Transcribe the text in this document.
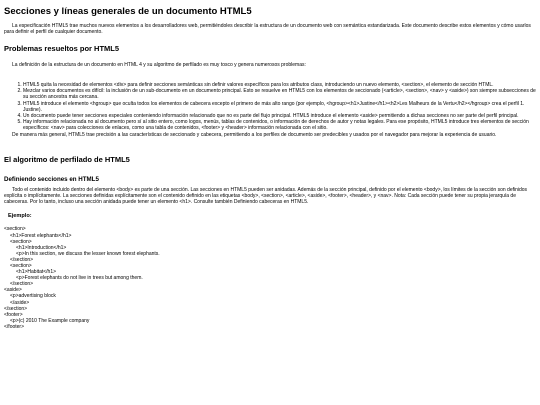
Secciones y líneas generales de un documento HTML5

La especificación HTML5 trae muchos nuevos elementos a los desarrolladores web, permitiéndoles describir la estructura de un documento web con semántica estandarizada. Este documento describe estos elementos y cómo usarlos para definir el perfil de cualquier documento.

Problemas resueltos por HTML5

La definición de la estructura de un documento en HTML 4 y su algoritmo de perfilado es muy tosco y genera numerosos problemas:

1. HTML5 quita la necesidad de elementos <div> para definir secciones semánticas sin definir valores específicos para los atributos class, introduciendo un nuevo elemento, <section>, el elemento de sección HTML.
2. Mezclar varios documentos es difícil: la inclusión de un sub-documento en un documento principal. Esto se resuelve en HTML5 con los elementos de seccionado (<article>, <section>, <nav> y <aside>) son siempre subsecciones de su sección ancestra más cercana.
3. HTML5 introduce el elemento <hgroup> que oculta todos los elementos de cabecera excepto el primero de más alto rango (por ejemplo, <hgroup><h1>Justine</h1><h2>Les Malheurs de la Vertu</h2></hgroup> crea el perfil 1. Justine).
4. Un documento puede tener secciones especiales conteniendo información relacionado que no es parte del flujo principal. HTML5 introduce el elemento <aside> permitiendo a dichas secciones no ser parte del perfil principal.
5. Hay información relacionada no al documento pero sí al sitio entero, como logos, menús, tablas de contenidos, o información de derechos de autor y notas legales. Para ese propósito, HTML5 introduce tres elementos de sección específicos: <nav> para colecciones de enlaces, como una tabla de contenidos, <footer> y <header> información relacionada con el sitio.

De manera más general, HTML5 trae precisión a las características de seccionado y cabecera, permitiendo a los perfiles de documento ser predecibles y usados por el navegador para mejorar la experiencia de usuario.

El algoritmo de perfilado de HTML5
Definiendo secciones en HTML5

Todo el contenido incluido dentro del elemento <body> es parte de una sección. Las secciones en HTML5 pueden ser anidadas. Además de la sección principal, definido por el elemento <body>, los límites de la sección son definidos explícita o implícitamente. La secciones definidas explícitamente son el contenido definido en las etiquetas <body>, <section>, <article>, <aside>, <footer>, <header>, y <nav>. Nota: Cada sección puede tener su propia jerarquía de cabeceras. Por lo tanto, incluso una sección anidada puede tener un elemento <h1>. Consulte también Definiendo cabeceras en HTML5.

Ejemplo:
<section>
<h1>Forest elephants</h1>
<section>
<h1>Introduction</h1>
<p>In this section, we discuss the lesser known forest elephants.
</section>
<section>
<h1>Habitat</h1>
<p>Forest elephants do not live in trees but among them.
</section>
<aside>
<p>advertising block
</aside>
</section>
<footer>
<p>(c) 2010 The Example company
</footer>
